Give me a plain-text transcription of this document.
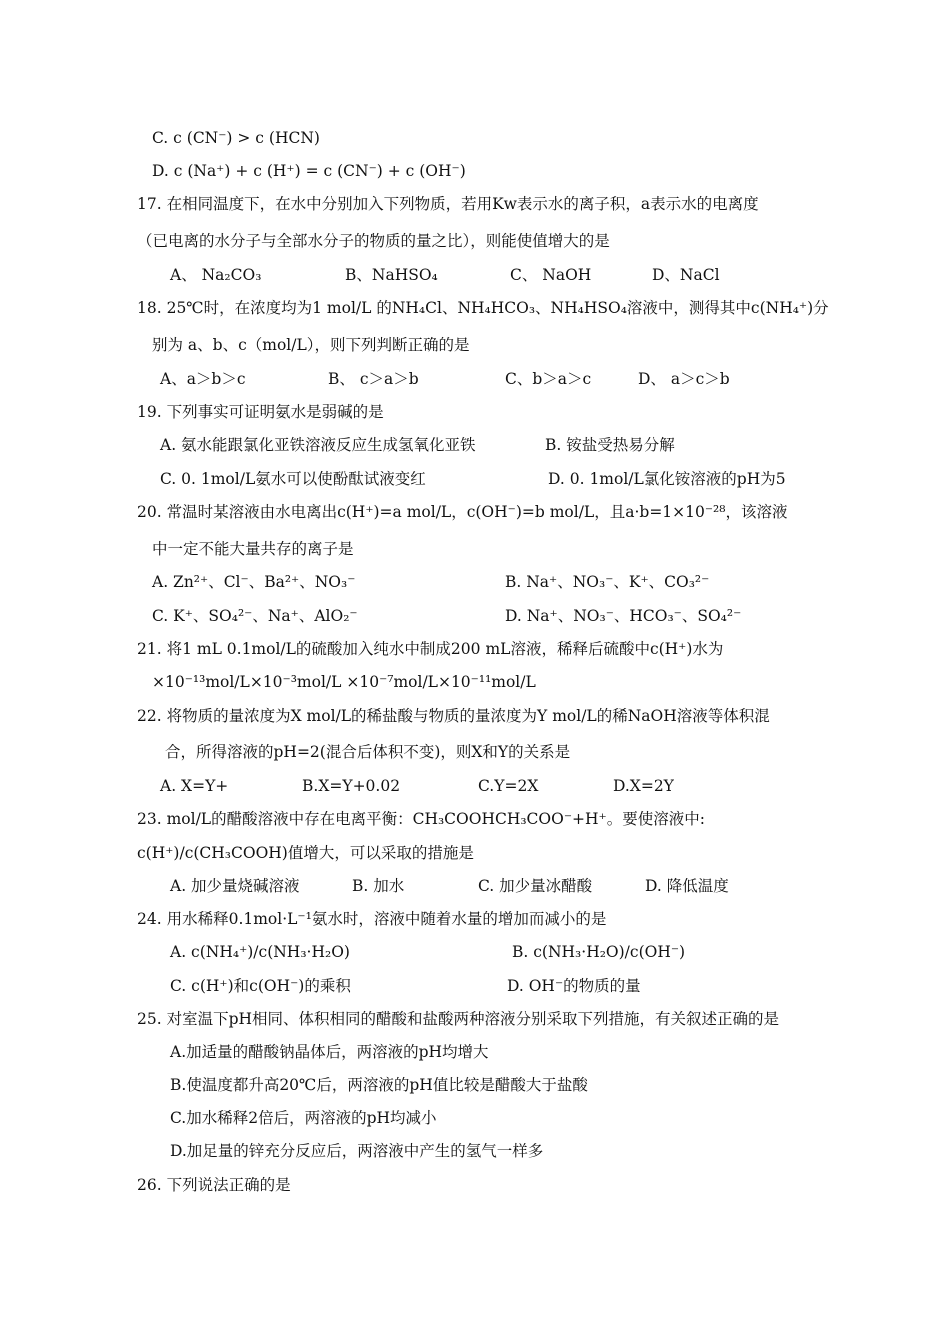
C. c (CN⁻) > c (HCN)
D. c (Na⁺) + c (H⁺) = c (CN⁻) + c (OH⁻)
17. 在相同温度下，在水中分别加入下列物质，若用Kw表示水的离子积，a表示水的电离度
（已电离的水分子与全部水分子的物质的量之比），则能使值增大的是
A、 Na₂CO₃	B、NaHSO₄	C、 NaOH	D、NaCl
18. 25℃时，在浓度均为1 mol/L 的NH₄Cl、NH₄HCO₃、NH₄HSO₄溶液中，测得其中c(NH₄⁺)分
别为 a、b、c（mol/L），则下列判断正确的是
A、a＞b＞c	B、 c＞a＞b	C、b＞a＞c	D、 a＞c＞b
19. 下列事实可证明氨水是弱碱的是
A. 氨水能跟氯化亚铁溶液反应生成氢氧化亚铁	B. 铵盐受热易分解
C. 0. 1mol/L氨水可以使酚酞试液变红	D. 0. 1mol/L氯化铵溶液的pH为5
20. 常温时某溶液由水电离出c(H⁺)=a mol/L，c(OH⁻)=b mol/L，且a·b=1×10⁻²⁸，该溶液
中一定不能大量共存的离子是
A. Zn²⁺、Cl⁻、Ba²⁺、NO₃⁻	B. Na⁺、NO₃⁻、K⁺、CO₃²⁻
C. K⁺、SO₄²⁻、Na⁺、AlO₂⁻	D. Na⁺、NO₃⁻、HCO₃⁻、SO₄²⁻
21. 将1 mL 0.1mol/L的硫酸加入纯水中制成200 mL溶液，稀释后硫酸中c(H⁺)水为
×10⁻¹³mol/L×10⁻³mol/L ×10⁻⁷mol/L×10⁻¹¹mol/L
22. 将物质的量浓度为X mol/L的稀盐酸与物质的量浓度为Y mol/L的稀NaOH溶液等体积混
合，所得溶液的pH=2(混合后体积不变)，则X和Y的关系是
A. X=Y+	B.X=Y+0.02	C.Y=2X	D.X=2Y
23. mol/L的醋酸溶液中存在电离平衡：CH₃COOHCH₃COO⁻+H⁺。要使溶液中:
c(H⁺)/c(CH₃COOH)值增大，可以采取的措施是
A. 加少量烧碱溶液	B. 加水	C. 加少量冰醋酸	D. 降低温度
24. 用水稀释0.1mol·L⁻¹氨水时，溶液中随着水量的增加而减小的是
A. c(NH₄⁺)/c(NH₃·H₂O)	B. c(NH₃·H₂O)/c(OH⁻)
C. c(H⁺)和c(OH⁻)的乘积	D. OH⁻的物质的量
25. 对室温下pH相同、体积相同的醋酸和盐酸两种溶液分别采取下列措施，有关叙述正确的是
A.加适量的醋酸钠晶体后，两溶液的pH均增大
B.使温度都升高20℃后，两溶液的pH值比较是醋酸大于盐酸
C.加水稀释2倍后，两溶液的pH均减小
D.加足量的锌充分反应后，两溶液中产生的氢气一样多
26. 下列说法正确的是
